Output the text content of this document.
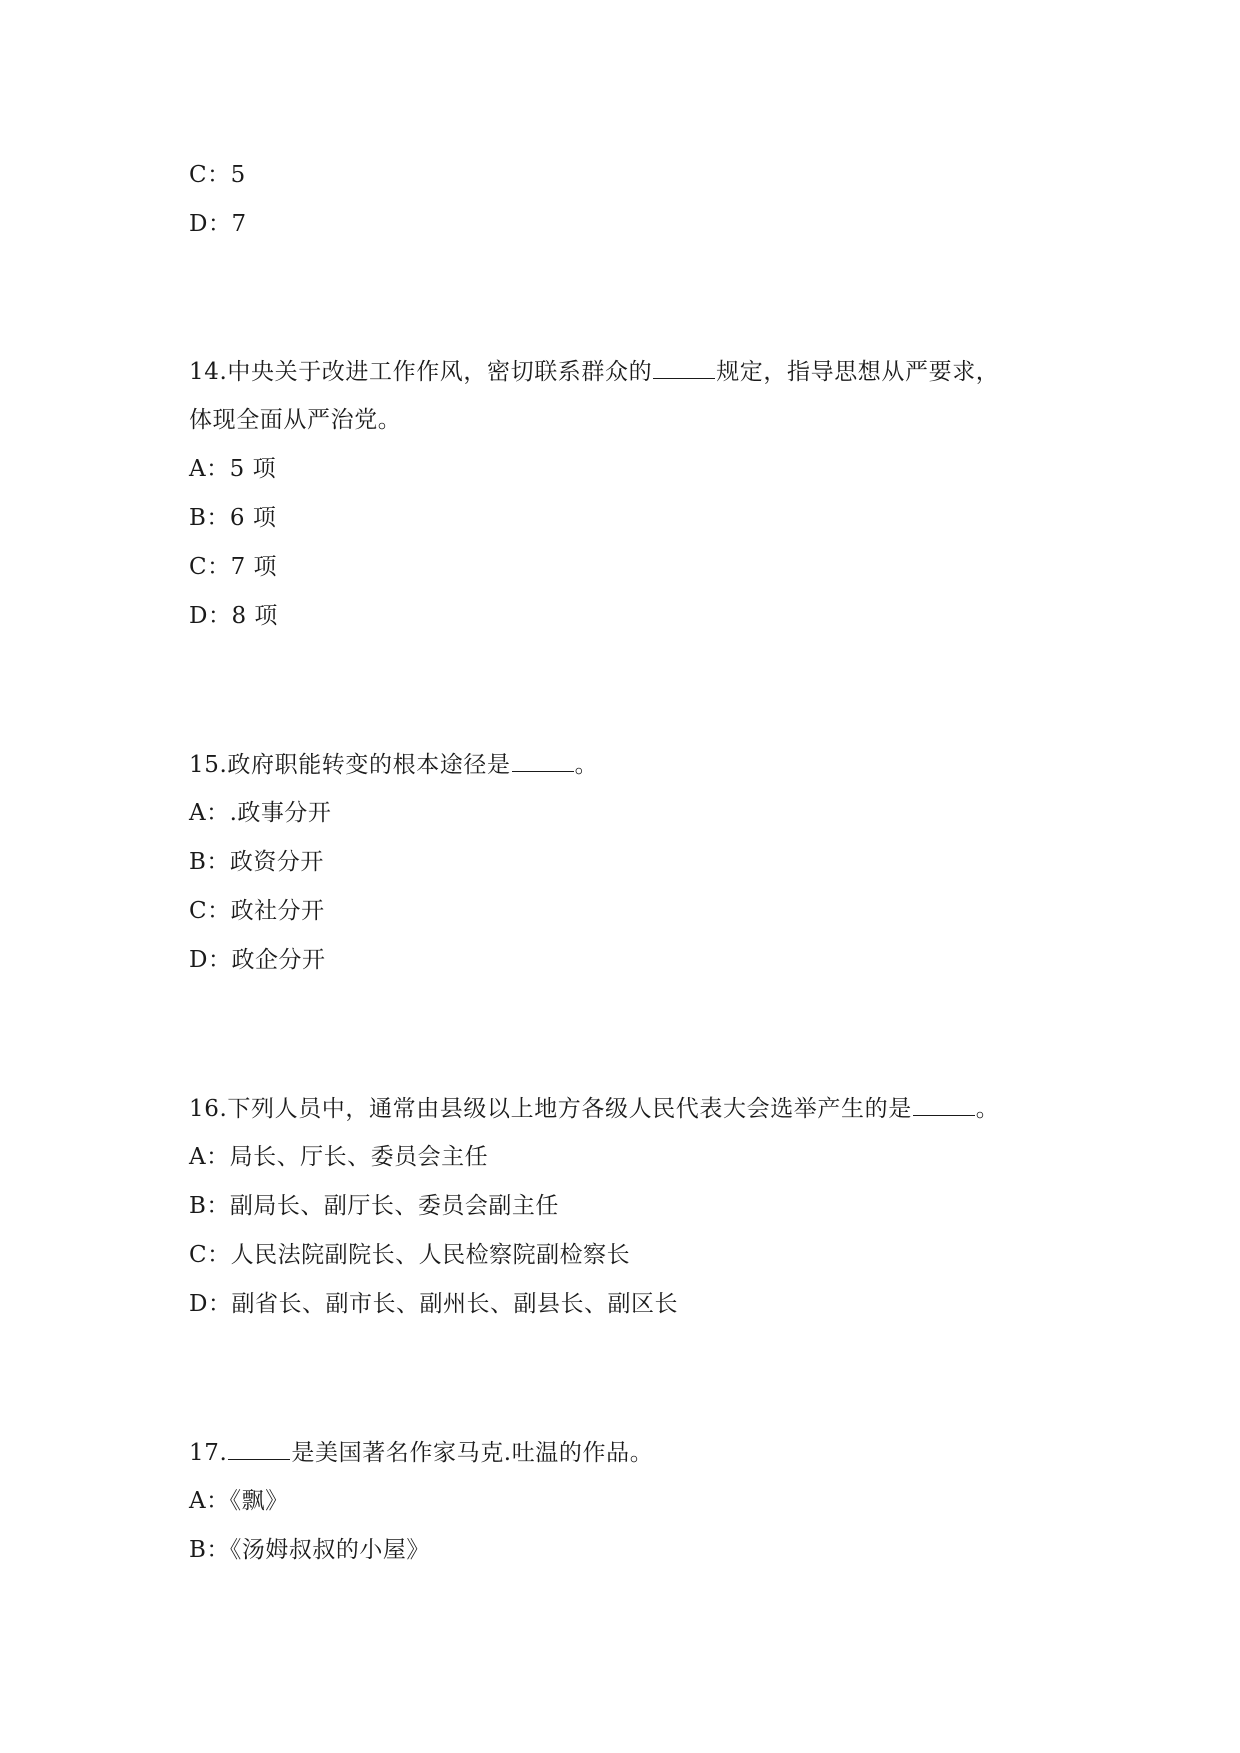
C：5
D：7
14.中央关于改进工作作风，密切联系群众的	规定，指导思想从严要求，
体现全面从严治党。
A：5 项
B：6 项
C：7 项
D：8 项
15.政府职能转变的根本途径是	。
A：.政事分开
B：政资分开
C：政社分开
D：政企分开
16.下列人员中，通常由县级以上地方各级人民代表大会选举产生的是	。
A：局长、厅长、委员会主任
B：副局长、副厅长、委员会副主任
C：人民法院副院长、人民检察院副检察长
D：副省长、副市长、副州长、副县长、副区长
17.	是美国著名作家马克.吐温的作品。
A：《飘》
B：《汤姆叔叔的小屋》
